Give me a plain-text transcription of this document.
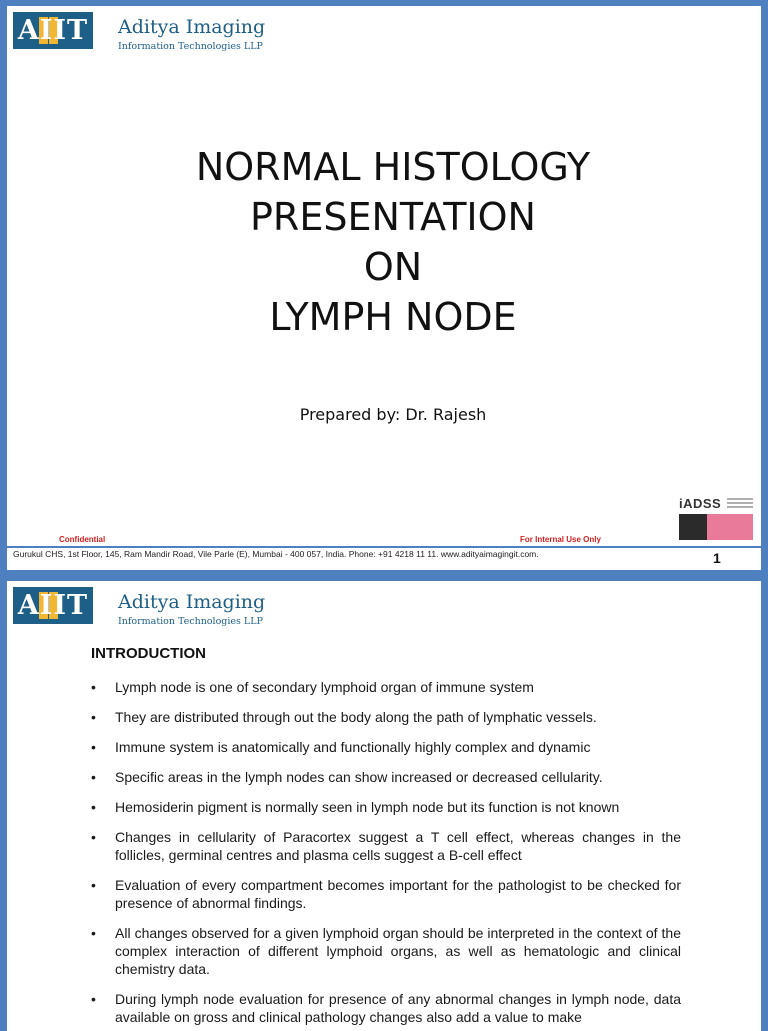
AIIT Aditya Imaging
Information Technologies LLP
NORMAL HISTOLOGY
PRESENTATION
ON
LYMPH NODE
Prepared by: Dr. Rajesh
iADSS
Confidential	For Internal Use Only
Gurukul CHS, 1st Floor, 145, Ram Mandir Road, Vile Parle (E), Mumbai - 400 057, India. Phone: +91 4218 11 11. www.adityaimagingit.com.	1
AIIT Aditya Imaging
Information Technologies LLP
INTRODUCTION
• Lymph node is one of secondary lymphoid organ of immune system
• They are distributed through out the body along the path of lymphatic vessels.
• Immune system is anatomically and functionally highly complex and dynamic
• Specific areas in the lymph nodes can show increased or decreased cellularity.
• Hemosiderin pigment is normally seen in lymph node but its function is not known
• Changes in cellularity of Paracortex suggest a T cell effect, whereas changes in the follicles, germinal centres and plasma cells suggest a B-cell effect
• Evaluation of every compartment becomes important for the pathologist to be checked for presence of abnormal findings.
• All changes observed for a given lymphoid organ should be interpreted in the context of the complex interaction of different lymphoid organs, as well as hematologic and clinical chemistry data.
• During lymph node evaluation for presence of any abnormal changes in lymph node, data available on gross and clinical pathology changes also add a value to make
